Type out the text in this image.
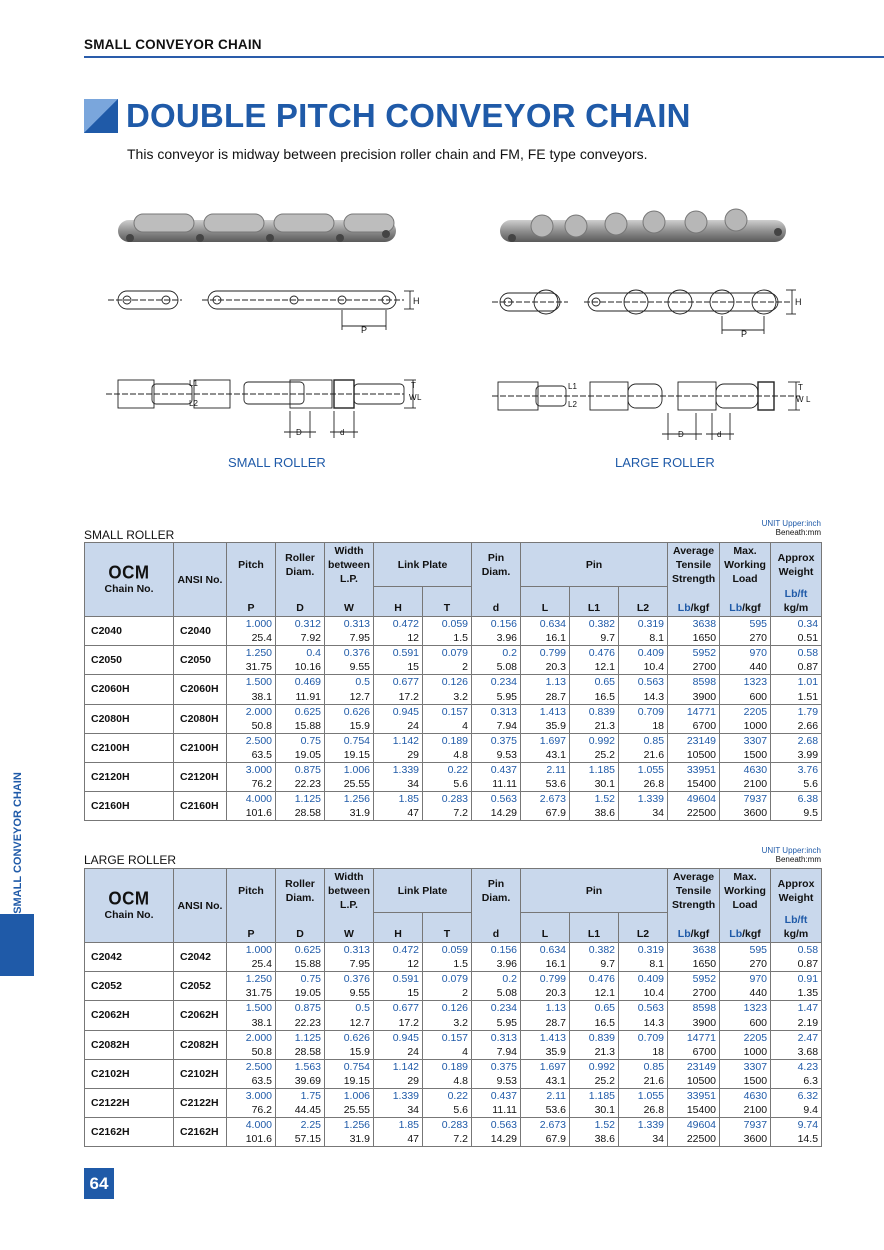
SMALL CONVEYOR CHAIN
DOUBLE PITCH CONVEYOR CHAIN
This conveyor is midway between precision roller chain and FM, FE type conveyors.
H
P
L1
L2
T
W L
D	d
SMALL ROLLER
H
P
L1
L2
T
W L
D	d
LARGE ROLLER
SMALL CONVEYOR CHAIN
SMALL ROLLER
UNIT Upper:inch
Beneath:mm
OCM
Chain No.	ANSI No.	Pitch	Roller Diam.	Width between L.P.	Link Plate		Pin Diam.	Pin			Average Tensile Strength	Max. Working Load	Approx Weight
		P	D	W	H	T	d	L	L1	L2	Lb/kgf	Lb/kgf	Lb/ft
kg/m
C2040	C2040	1.000	0.312	0.313	0.472	0.059	0.156	0.634	0.382	0.319	3638	595	0.34
		25.4	7.92	7.95	12	1.5	3.96	16.1	9.7	8.1	1650	270	0.51
C2050	C2050	1.250	0.4	0.376	0.591	0.079	0.2	0.799	0.476	0.409	5952	970	0.58
		31.75	10.16	9.55	15	2	5.08	20.3	12.1	10.4	2700	440	0.87
C2060H	C2060H	1.500	0.469	0.5	0.677	0.126	0.234	1.13	0.65	0.563	8598	1323	1.01
		38.1	11.91	12.7	17.2	3.2	5.95	28.7	16.5	14.3	3900	600	1.51
C2080H	C2080H	2.000	0.625	0.626	0.945	0.157	0.313	1.413	0.839	0.709	14771	2205	1.79
		50.8	15.88	15.9	24	4	7.94	35.9	21.3	18	6700	1000	2.66
C2100H	C2100H	2.500	0.75	0.754	1.142	0.189	0.375	1.697	0.992	0.85	23149	3307	2.68
		63.5	19.05	19.15	29	4.8	9.53	43.1	25.2	21.6	10500	1500	3.99
C2120H	C2120H	3.000	0.875	1.006	1.339	0.22	0.437	2.11	1.185	1.055	33951	4630	3.76
		76.2	22.23	25.55	34	5.6	11.11	53.6	30.1	26.8	15400	2100	5.6
C2160H	C2160H	4.000	1.125	1.256	1.85	0.283	0.563	2.673	1.52	1.339	49604	7937	6.38
		101.6	28.58	31.9	47	7.2	14.29	67.9	38.6	34	22500	3600	9.5
LARGE ROLLER
UNIT Upper:inch
Beneath:mm
OCM
Chain No.	ANSI No.	Pitch	Roller Diam.	Width between L.P.	Link Plate		Pin Diam.	Pin			Average Tensile Strength	Max. Working Load	Approx Weight
		P	D	W	H	T	d	L	L1	L2	Lb/kgf	Lb/kgf	Lb/ft
kg/m
C2042	C2042	1.000	0.625	0.313	0.472	0.059	0.156	0.634	0.382	0.319	3638	595	0.58
		25.4	15.88	7.95	12	1.5	3.96	16.1	9.7	8.1	1650	270	0.87
C2052	C2052	1.250	0.75	0.376	0.591	0.079	0.2	0.799	0.476	0.409	5952	970	0.91
		31.75	19.05	9.55	15	2	5.08	20.3	12.1	10.4	2700	440	1.35
C2062H	C2062H	1.500	0.875	0.5	0.677	0.126	0.234	1.13	0.65	0.563	8598	1323	1.47
		38.1	22.23	12.7	17.2	3.2	5.95	28.7	16.5	14.3	3900	600	2.19
C2082H	C2082H	2.000	1.125	0.626	0.945	0.157	0.313	1.413	0.839	0.709	14771	2205	2.47
		50.8	28.58	15.9	24	4	7.94	35.9	21.3	18	6700	1000	3.68
C2102H	C2102H	2.500	1.563	0.754	1.142	0.189	0.375	1.697	0.992	0.85	23149	3307	4.23
		63.5	39.69	19.15	29	4.8	9.53	43.1	25.2	21.6	10500	1500	6.3
C2122H	C2122H	3.000	1.75	1.006	1.339	0.22	0.437	2.11	1.185	1.055	33951	4630	6.32
		76.2	44.45	25.55	34	5.6	11.11	53.6	30.1	26.8	15400	2100	9.4
C2162H	C2162H	4.000	2.25	1.256	1.85	0.283	0.563	2.673	1.52	1.339	49604	7937	9.74
		101.6	57.15	31.9	47	7.2	14.29	67.9	38.6	34	22500	3600	14.5
64
